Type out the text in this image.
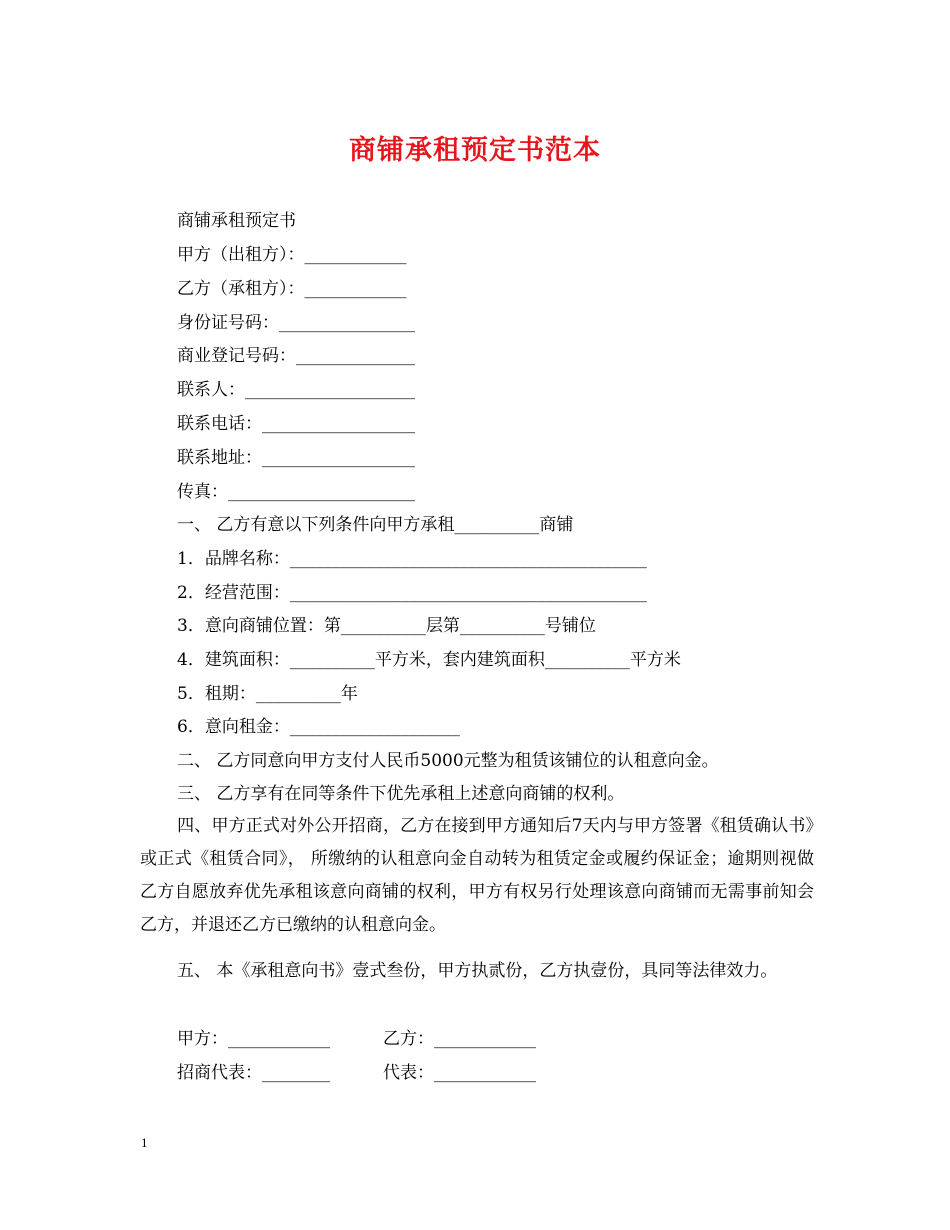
商铺承租预定书范本
商铺承租预定书
甲方（出租方）：____________
乙方（承租方）：____________
身份证号码：________________
商业登记号码：______________
联系人：____________________
联系电话：__________________
联系地址：__________________
传真：______________________
一、 乙方有意以下列条件向甲方承租__________商铺
1．品牌名称：__________________________________________
2．经营范围：__________________________________________
3．意向商铺位置：第__________层第__________号铺位
4．建筑面积：__________平方米，套内建筑面积__________平方米
5．租期：__________年
6．意向租金：____________________
二、 乙方同意向甲方支付人民币5000元整为租赁该铺位的认租意向金。
三、 乙方享有在同等条件下优先承租上述意向商铺的权利。
四、甲方正式对外公开招商，乙方在接到甲方通知后7天内与甲方签署《租赁确认书》或正式《租赁合同》， 所缴纳的认租意向金自动转为租赁定金或履约保证金；逾期则视做乙方自愿放弃优先承租该意向商铺的权利，甲方有权另行处理该意向商铺而无需事前知会乙方，并退还乙方已缴纳的认租意向金。
五、 本《承租意向书》壹式叁份，甲方执贰份，乙方执壹份，具同等法律效力。
甲方：____________	乙方：____________
招商代表：________	代表：____________
1
